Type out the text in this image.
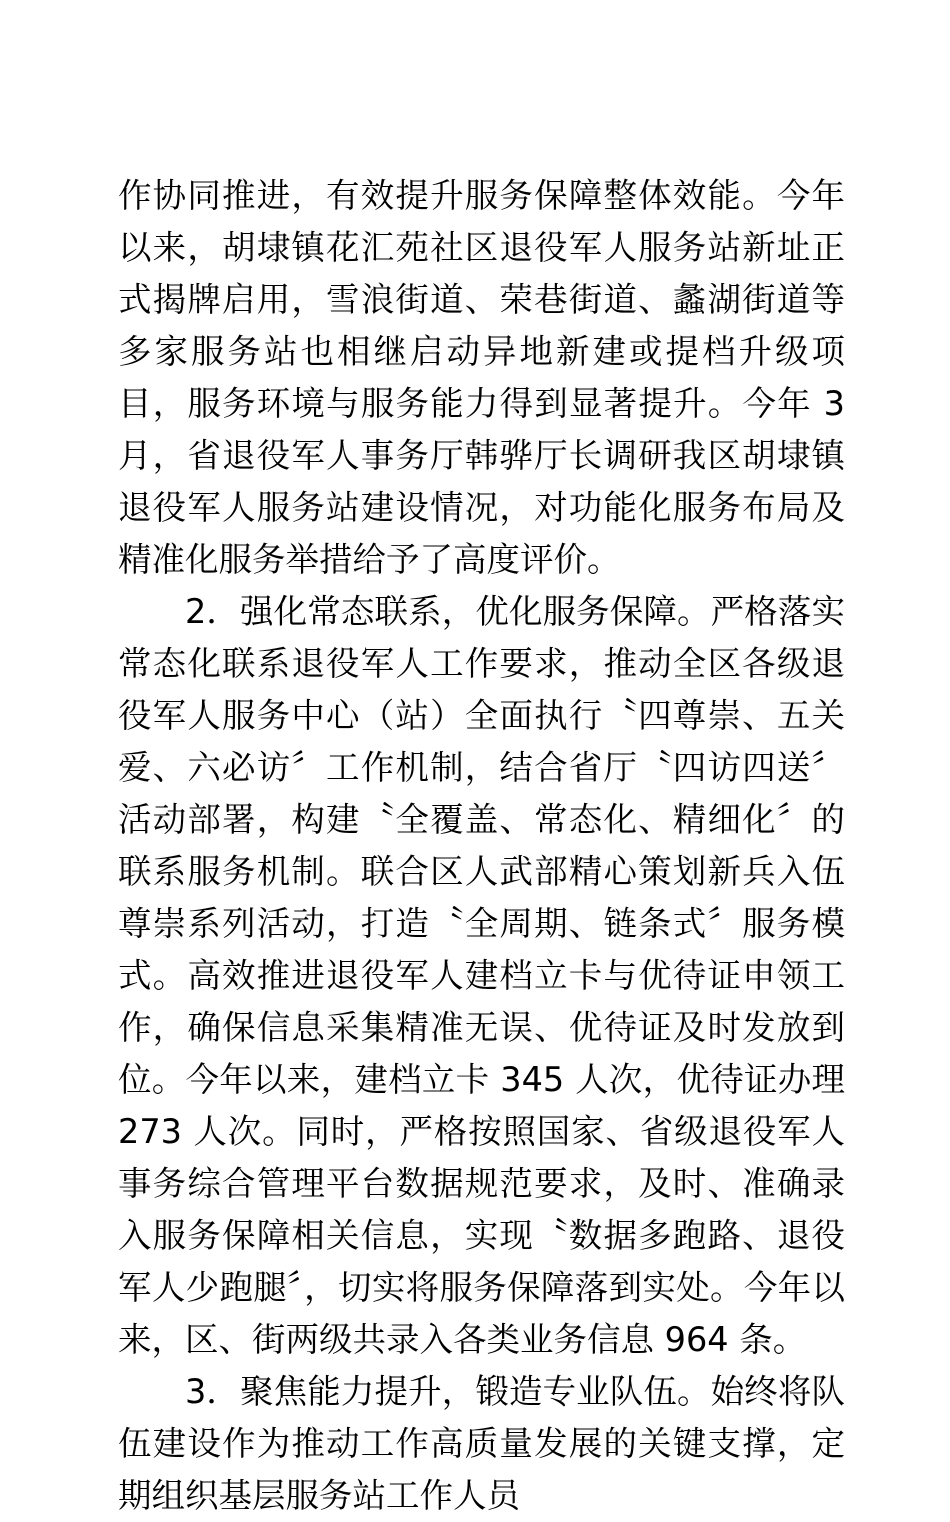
作协同推进，有效提升服务保障整体效能。今年以来，胡埭镇花汇苑社区退役军人服务站新址正式揭牌启用，雪浪街道、荣巷街道、蠡湖街道等多家服务站也相继启动异地新建或提档升级项目，服务环境与服务能力得到显著提升。今年 3 月，省退役军人事务厅韩骅厅长调研我区胡埭镇退役军人服务站建设情况，对功能化服务布局及精准化服务举措给予了高度评价。

2．强化常态联系，优化服务保障。严格落实常态化联系退役军人工作要求，推动全区各级退役军人服务中心（站）全面执行〝四尊崇、五关爱、六必访〞工作机制，结合省厅〝四访四送〞活动部署，构建〝全覆盖、常态化、精细化〞的联系服务机制。联合区人武部精心策划新兵入伍尊崇系列活动，打造〝全周期、链条式〞服务模式。高效推进退役军人建档立卡与优待证申领工作，确保信息采集精准无误、优待证及时发放到位。今年以来，建档立卡 345 人次，优待证办理 273 人次。同时，严格按照国家、省级退役军人事务综合管理平台数据规范要求，及时、准确录入服务保障相关信息，实现〝数据多跑路、退役军人少跑腿〞，切实将服务保障落到实处。今年以来，区、街两级共录入各类业务信息 964 条。

3．聚焦能力提升，锻造专业队伍。始终将队伍建设作为推动工作高质量发展的关键支撑，定期组织基层服务站工作人员
